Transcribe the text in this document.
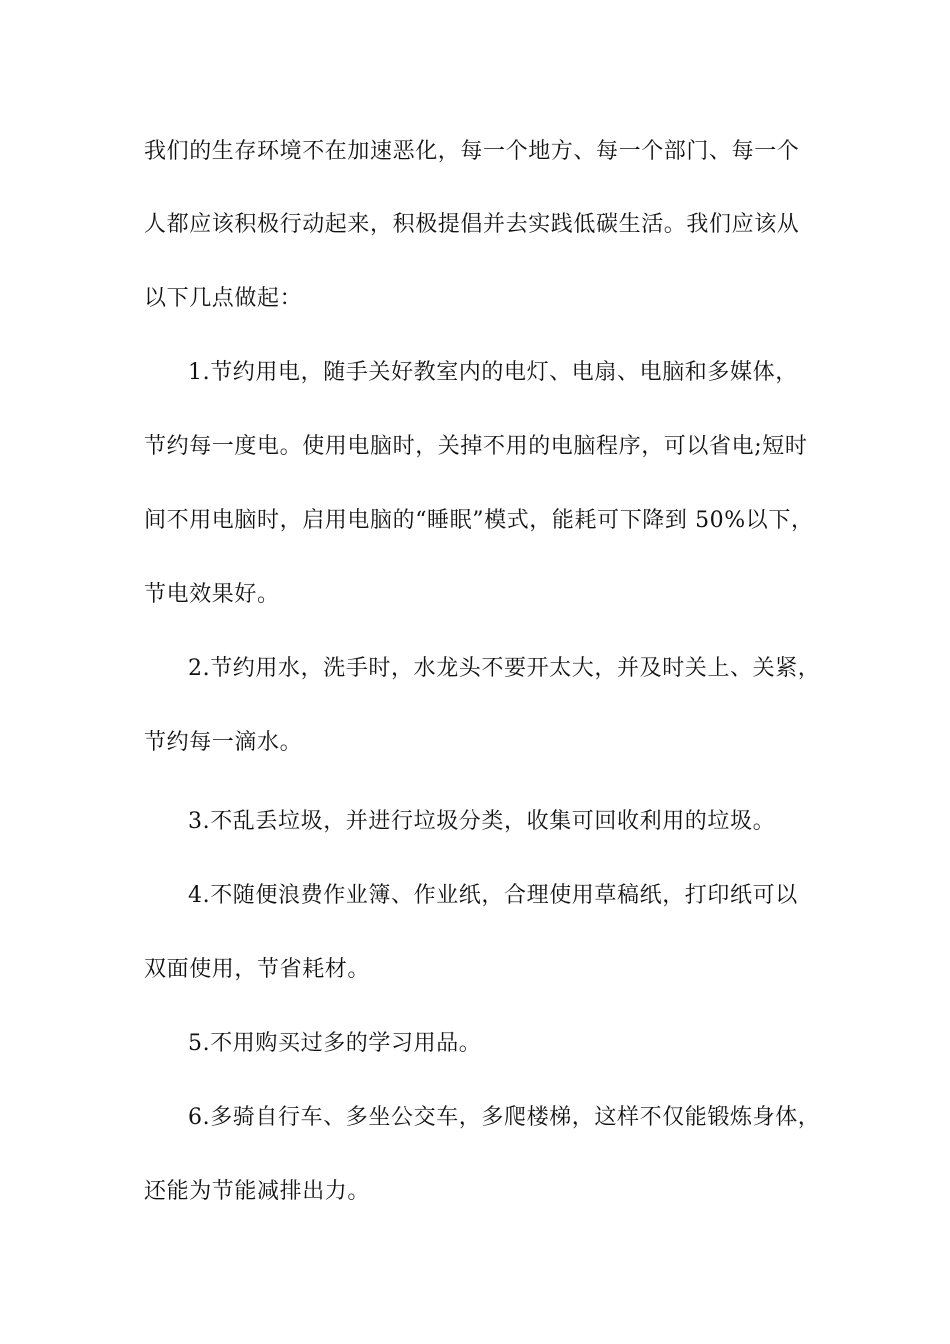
我们的生存环境不在加速恶化，每一个地方、每一个部门、每一个
人都应该积极行动起来，积极提倡并去实践低碳生活。我们应该从
以下几点做起：
1.节约用电，随手关好教室内的电灯、电扇、电脑和多媒体，
节约每一度电。使用电脑时，关掉不用的电脑程序，可以省电;短时
间不用电脑时，启用电脑的“睡眠”模式，能耗可下降到 50%以下，
节电效果好。
2.节约用水，洗手时，水龙头不要开太大，并及时关上、关紧，
节约每一滴水。
3.不乱丢垃圾，并进行垃圾分类，收集可回收利用的垃圾。
4.不随便浪费作业簿、作业纸，合理使用草稿纸，打印纸可以
双面使用，节省耗材。
5.不用购买过多的学习用品。
6.多骑自行车、多坐公交车，多爬楼梯，这样不仅能锻炼身体，
还能为节能减排出力。
